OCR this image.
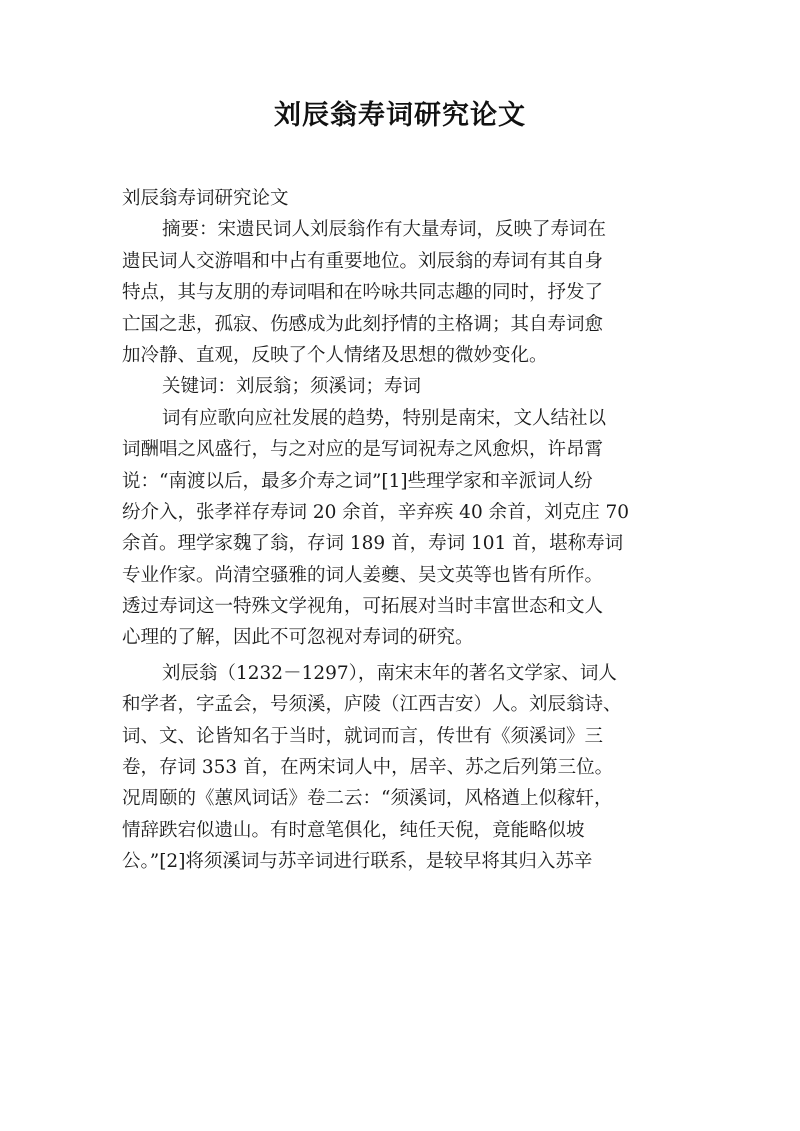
刘辰翁寿词研究论文
刘辰翁寿词研究论文
摘要：宋遗民词人刘辰翁作有大量寿词，反映了寿词在
遗民词人交游唱和中占有重要地位。刘辰翁的寿词有其自身
特点，其与友朋的寿词唱和在吟咏共同志趣的同时，抒发了
亡国之悲，孤寂、伤感成为此刻抒情的主格调；其自寿词愈
加冷静、直观，反映了个人情绪及思想的微妙变化。
关键词：刘辰翁；须溪词；寿词
词有应歌向应社发展的趋势，特别是南宋，文人结社以
词酬唱之风盛行，与之对应的是写词祝寿之风愈炽，许昂霄
说：“南渡以后，最多介寿之词”[1]些理学家和辛派词人纷
纷介入，张孝祥存寿词 20 余首，辛弃疾 40 余首，刘克庄 70
余首。理学家魏了翁，存词 189 首，寿词 101 首，堪称寿词
专业作家。尚清空骚雅的词人姜夔、吴文英等也皆有所作。
透过寿词这一特殊文学视角，可拓展对当时丰富世态和文人
心理的了解，因此不可忽视对寿词的研究。
刘辰翁（1232－1297），南宋末年的著名文学家、词人
和学者，字孟会，号须溪，庐陵（江西吉安）人。刘辰翁诗、
词、文、论皆知名于当时，就词而言，传世有《须溪词》三
卷，存词 353 首，在两宋词人中，居辛、苏之后列第三位。
况周颐的《蕙风词话》卷二云：“须溪词，风格遒上似稼轩，
情辞跌宕似遗山。有时意笔俱化，纯任天倪，竟能略似坡
公。”[2]将须溪词与苏辛词进行联系，是较早将其归入苏辛
